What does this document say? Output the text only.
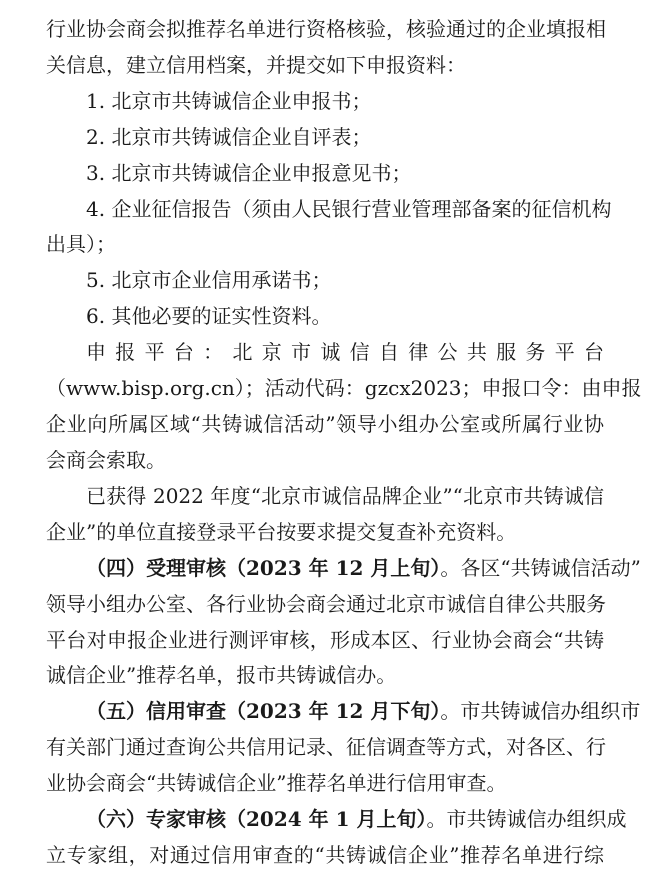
行业协会商会拟推荐名单进行资格核验，核验通过的企业填报相
关信息，建立信用档案，并提交如下申报资料：
1. 北京市共铸诚信企业申报书；
2. 北京市共铸诚信企业自评表；
3. 北京市共铸诚信企业申报意见书；
4. 企业征信报告（须由人民银行营业管理部备案的征信机构
出具）；
5. 北京市企业信用承诺书；
6. 其他必要的证实性资料。
申报平台：北京市诚信自律公共服务平台
（www.bisp.org.cn）；活动代码：gzcx2023；申报口令：由申报
企业向所属区域“共铸诚信活动”领导小组办公室或所属行业协
会商会索取。
已获得 2022 年度“北京市诚信品牌企业”“北京市共铸诚信
企业”的单位直接登录平台按要求提交复查补充资料。
（四）受理审核（2023 年 12 月上旬）。各区“共铸诚信活动”
领导小组办公室、各行业协会商会通过北京市诚信自律公共服务
平台对申报企业进行测评审核，形成本区、行业协会商会“共铸
诚信企业”推荐名单，报市共铸诚信办。
（五）信用审查（2023 年 12 月下旬）。市共铸诚信办组织市
有关部门通过查询公共信用记录、征信调查等方式，对各区、行
业协会商会“共铸诚信企业”推荐名单进行信用审查。
（六）专家审核（2024 年 1 月上旬）。市共铸诚信办组织成
立专家组，对通过信用审查的“共铸诚信企业”推荐名单进行综
